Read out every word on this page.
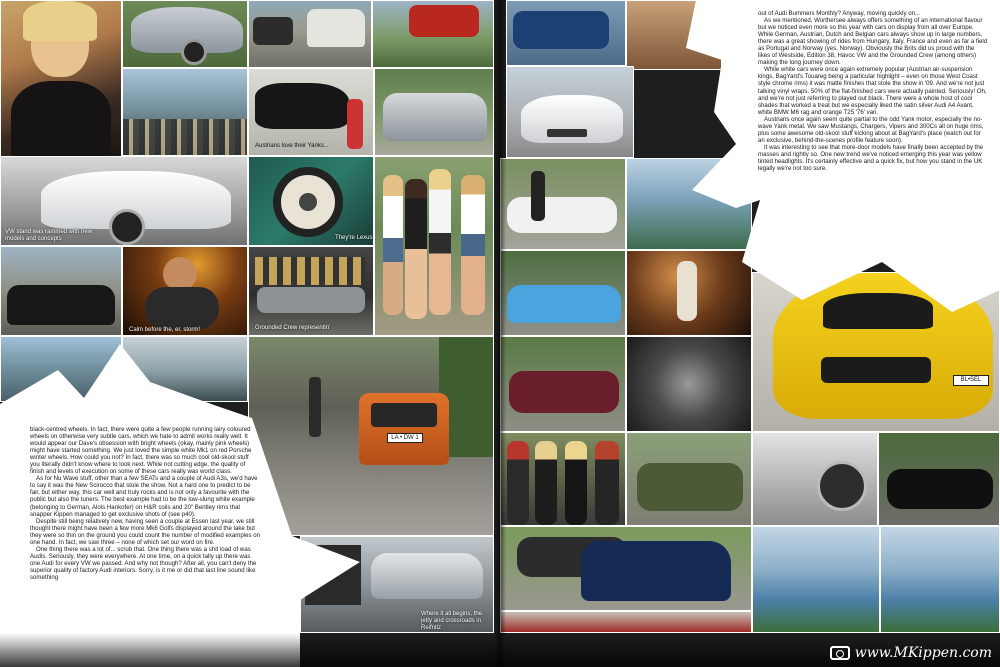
Austrians love their Yanks...
VW stand was rammed with new models and concepts	They're Lexus
Calm before the, er, storm!	Grounded Crew representin'
LA • DW 1
Where it all begins, the jetty and crossroads in Reifnitz

black-centred wheels. In fact, there were quite a few people running lairy coloured wheels on otherwise very subtle cars, which we hate to admit works really well. It would appear our Dave's obsession with bright wheels (okay, mainly pink wheels) might have started something. We just loved the simple white Mk1 on red Porsche winter wheels. How could you not? In fact, there was so much cool old-skool stuff you literally didn't know where to look next. While not cutting edge, the quality of finish and levels of execution on some of these cars really was world class.

As for Nu Wave stuff, other than a few SEATs and a couple of Audi A3s, we'd have to say it was the New Scirocco that stole the show. Not a hard one to predict to be fair, but either way, this car well and truly rocks and is not only a favourite with the public but also the tuners. The best example had to be the low-slung white example (belonging to German, Alois Hankofer) on H&R coils and 20" Bentley rims that snapper Kippen managed to get exclusive shots of (see p40).

Despite still being relatively new, having seen a couple at Essen last year, we still thought there might have been a few more Mk6 Golfs displayed around the lake but they were so thin on the ground you could count the number of modified examples on one hand. In fact, we saw three – none of which set our word on fire.

One thing there was a lot of... scrub that. One thing there was a shit load of was Audis. Seriously, they were everywhere. At one time, on a quick tally up there was one Audi for every VW we passed. And why not though? After all, you can't deny the superior quality of factory Audi interiors. Sorry, is it me or did that last line sound like something

BL•SEL

out of Audi Bummers Monthly? Anyway, moving quickly on...

As we mentioned, Worthersee always offers something of an international flavour but we noticed even more so this year with cars on display from all over Europe. While German, Austrian, Dutch and Belgian cars always show up in large numbers, there was a great showing of rides from Hungary, Italy, France and even as far a field as Portugal and Norway (yes, Norway). Obviously the Brits did us proud with the likes of Westside, Edition 38, Havoc VW and the Grounded Crew (among others) making the long journey down.

While white cars were once again extremely popular (Austrian air-suspension kings, BagYard's Touareg being a particular highlight – even on those West Coast style chrome rims) it was matte finishes that stole the show in '09. And we're not just talking vinyl wraps. 50% of the flat-finished cars were actually painted. Seriously! Oh, and we're not just referring to played out black. There were a whole host of cool shades that worked a treat but we especially liked the satin silver Audi A4 Avant, white BMW M6 rag and orange T25 '76' van.

Austrians once again seem quite partial to the odd Yank motor, especially the no-wave Yank metal. We saw Mustangs, Chargers, Vipers and 300Cs all on huge rims, plus some awesome old-skool stuff kicking about at BagYard's place (watch out for an exclusive, behind-the-scenes profile feature soon).

It was interesting to see that more-door models have finally been accepted by the masses and rightly so. One new trend we've noticed emerging this year was yellow tinted headlights. It's certainly effective and a quick fix, but how you stand in the UK legally we're not too sure.

www.MKippen.com
